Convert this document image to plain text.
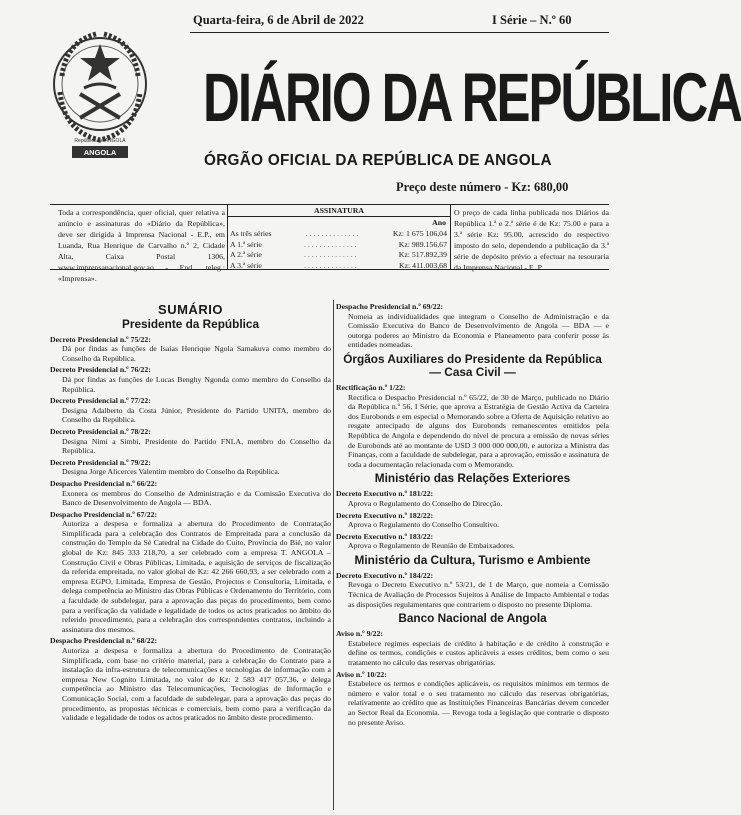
Quarta-feira, 6 de Abril de 2022	I Série – N.º 60
República de ANGOLA
ANGOLA
DIÁRIO DA REPÚBLICA
ÓRGÃO OFICIAL DA REPÚBLICA DE ANGOLA
Preço deste número - Kz: 680,00
Toda a correspondência, quer oficial, quer relativa a anúncio e assinaturas do «Diário da República», deve ser dirigida à Imprensa Nacional - E.P., em Luanda, Rua Henrique de Carvalho n.º 2, Cidade Alta, Caixa Postal 1306, www.imprensanacional.gov.ao - End. teleg.: «Imprensa».
ASSINATURA
Ano
As três séries	. . . . . . . . . . . . . .	Kz: 1 675 106,04
A 1.ª série	. . . . . . . . . . . . . .	Kz: 989.156,67
A 2.ª série	. . . . . . . . . . . . . .	Kz: 517.892,39
A 3.ª série	. . . . . . . . . . . . . .	Kz: 411.003,68
O preço de cada linha publicada nos Diários da República 1.ª e 2.ª série é de Kz: 75.00 e para a 3.ª série Kz: 95.00, acrescido do respectivo imposto do selo, dependendo a publicação da 3.ª série de depósito prévio a efectuar na tesouraria da Imprensa Nacional - E. P.
SUMÁRIO
Presidente da República
Decreto Presidencial n.º 75/22:
Dá por findas as funções de Isaías Henrique Ngola Samakuva como membro do Conselho da República.
Decreto Presidencial n.º 76/22:
Dá por findas as funções de Lucas Benghy Ngonda como membro do Conselho da República.
Decreto Presidencial n.º 77/22:
Designa Adalberto da Costa Júnior, Presidente do Partido UNITA, membro do Conselho da República.
Decreto Presidencial n.º 78/22:
Designa Nimi a Simbi, Presidente do Partido FNLA, membro do Conselho da República.
Decreto Presidencial n.º 79/22:
Designa Jorge Alicerces Valentim membro do Conselho da República.
Despacho Presidencial n.º 66/22:
Exonera os membros do Conselho de Administração e da Comissão Executiva do Banco de Desenvolvimento de Angola — BDA.
Despacho Presidencial n.º 67/22:
Autoriza a despesa e formaliza a abertura do Procedimento de Contratação Simplificada para a celebração dos Contratos de Empreitada para a conclusão da construção do Templo da Sé Catedral na Cidade do Cuito, Província do Bié, no valor global de Kz: 845 333 218,70, a ser celebrado com a empresa T. ANGOLA – Construção Civil e Obras Públicas, Limitada, e aquisição de serviços de fiscalização da referida empreitada, no valor global de Kz: 42 266 660,93, a ser celebrado com a empresa EGPO, Limitada, Empresa de Gestão, Projectos e Consultoria, Limitada, e delega competência ao Ministro das Obras Públicas e Ordenamento do Território, com a faculdade de subdelegar, para a aprovação das peças do procedimento, bem como para a verificação da validade e legalidade de todos os actos praticados no âmbito do referido procedimento, para a celebração dos correspondentes contratos, incluindo a assinatura dos mesmos.
Despacho Presidencial n.º 68/22:
Autoriza a despesa e formaliza a abertura do Procedimento de Contratação Simplificada, com base no critério material, para a celebração do Contrato para a instalação da infra-estrutura de telecomunicações e tecnologias de informação com a empresa New Cognito Limitada, no valor de Kz: 2 583 417 057,36, e delega competência ao Ministro das Telecomunicações, Tecnologias de Informação e Comunicação Social, com a faculdade de subdelegar, para a aprovação das peças do procedimento, as propostas técnicas e comerciais, bem como para a verificação da validade e legalidade de todos os actos praticados no âmbito deste procedimento.
Despacho Presidencial n.º 69/22:
Nomeia as individualidades que integram o Conselho de Administração e da Comissão Executiva do Banco de Desenvolvimento de Angola — BDA — e outorga poderes ao Ministro da Economia e Planeamento para conferir posse às entidades nomeadas.
Órgãos Auxiliares do Presidente da República — Casa Civil —
Rectificação n.º 1/22:
Rectifica o Despacho Presidencial n.º 65/22, de 30 de Março, publicado no Diário da República n.º 56, I Série, que aprova a Estratégia de Gestão Activa da Carteira dos Eurobonds e em especial o Memorando sobre a Oferta de Aquisição relativo ao resgate antecipado de alguns dos Eurobonds remanescentes emitidos pela República de Angola e dependendo do nível de procura a emissão de novas séries de Eurobonds até ao montante de USD 3 000 000 000,00, e autoriza a Ministra das Finanças, com a faculdade de subdelegar, para a aprovação, emissão e assinatura de toda a documentação relacionada com o Memorando.
Ministério das Relações Exteriores
Decreto Executivo n.º 181/22:
Aprova o Regulamento do Conselho de Direcção.
Decreto Executivo n.º 182/22:
Aprova o Regulamento do Conselho Consultivo.
Decreto Executivo n.º 183/22:
Aprova o Regulamento de Reunião de Embaixadores.
Ministério da Cultura, Turismo e Ambiente
Decreto Executivo n.º 184/22:
Revoga o Decreto Executivo n.º 53/21, de 1 de Março, que nomeia a Comissão Técnica de Avaliação de Processos Sujeitos à Análise de Impacto Ambiental e todas as disposições regulamentares que contrariem o disposto no presente Diploma.
Banco Nacional de Angola
Aviso n.º 9/22:
Estabelece regimes especiais de crédito à habitação e de crédito à construção e define os termos, condições e custos aplicáveis a esses créditos, bem como o seu tratamento no cálculo das reservas obrigatórias.
Aviso n.º 10/22:
Estabelece os termos e condições aplicáveis, os requisitos mínimos em termos de número e valor total e o seu tratamento no cálculo das reservas obrigatórias, relativamente ao crédito que as Instituições Financeiras Bancárias devem conceder ao Sector Real da Economia. — Revoga toda a legislação que contrarie o disposto no presente Aviso.
